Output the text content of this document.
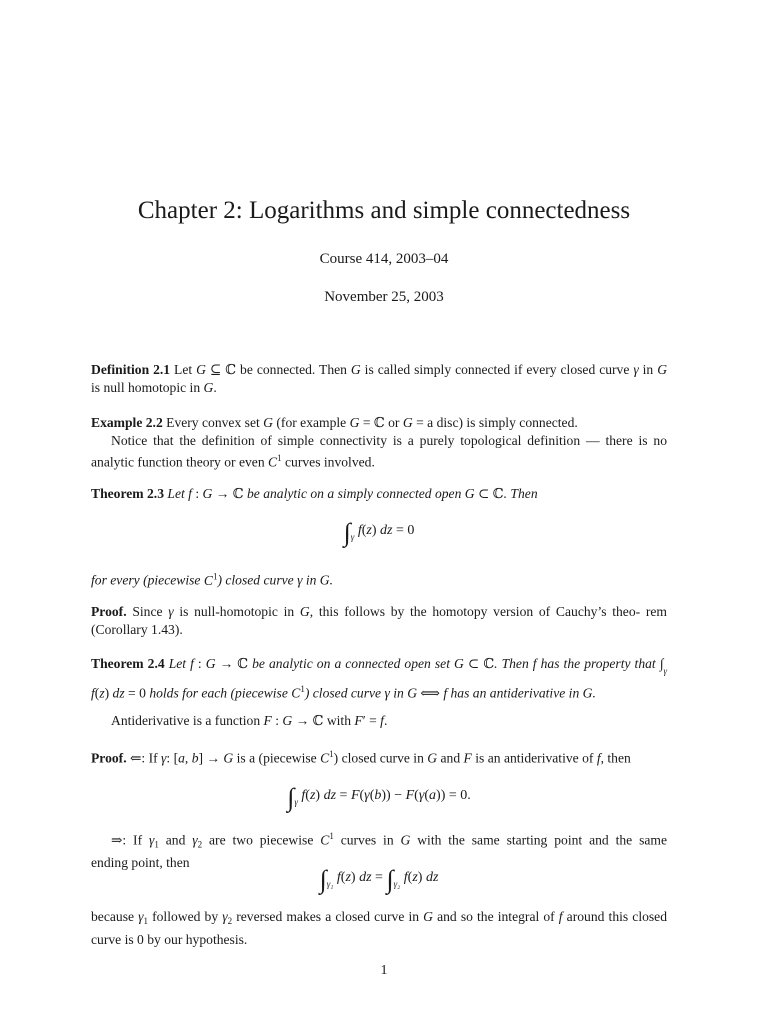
Chapter 2: Logarithms and simple connectedness
Course 414, 2003–04
November 25, 2003
Definition 2.1 Let G ⊆ ℂ be connected. Then G is called simply connected if every closed curve γ in G is null homotopic in G.
Example 2.2 Every convex set G (for example G = ℂ or G = a disc) is simply connected.
Notice that the definition of simple connectivity is a purely topological definition — there is no analytic function theory or even $C^1$ curves involved.
Theorem 2.3 Let f : G → ℂ be analytic on a simply connected open G ⊂ ℂ. Then
$\int_\gamma$ f(z) dz = 0
for every (piecewise $C^1$) closed curve γ in G.
Proof. Since γ is null-homotopic in G, this follows by the homotopy version of Cauchy’s theo- rem (Corollary 1.43).
Theorem 2.4 Let f : G → ℂ be analytic on a connected open set G ⊂ ℂ. Then f has the property that $\int_\gamma$ f(z) dz = 0 holds for each (piecewise $C^1$) closed curve γ in G ⟺ f has an antiderivative in G.
Antiderivative is a function F : G → ℂ with F′ = f.
Proof. ⇐: If γ: [a, b] → G is a (piecewise $C^1$) closed curve in G and F is an antiderivative of f, then
$\int_\gamma$ f(z) dz = F(γ(b)) − F(γ(a)) = 0.
⇒: If $\gamma_1$ and $\gamma_2$ are two piecewise $C^1$ curves in G with the same starting point and the same ending point, then
$\int_{\gamma_1}$ f(z) dz = $\int_{\gamma_2}$ f(z) dz
because $\gamma_1$ followed by $\gamma_2$ reversed makes a closed curve in G and so the integral of f around this closed curve is 0 by our hypothesis.
1
